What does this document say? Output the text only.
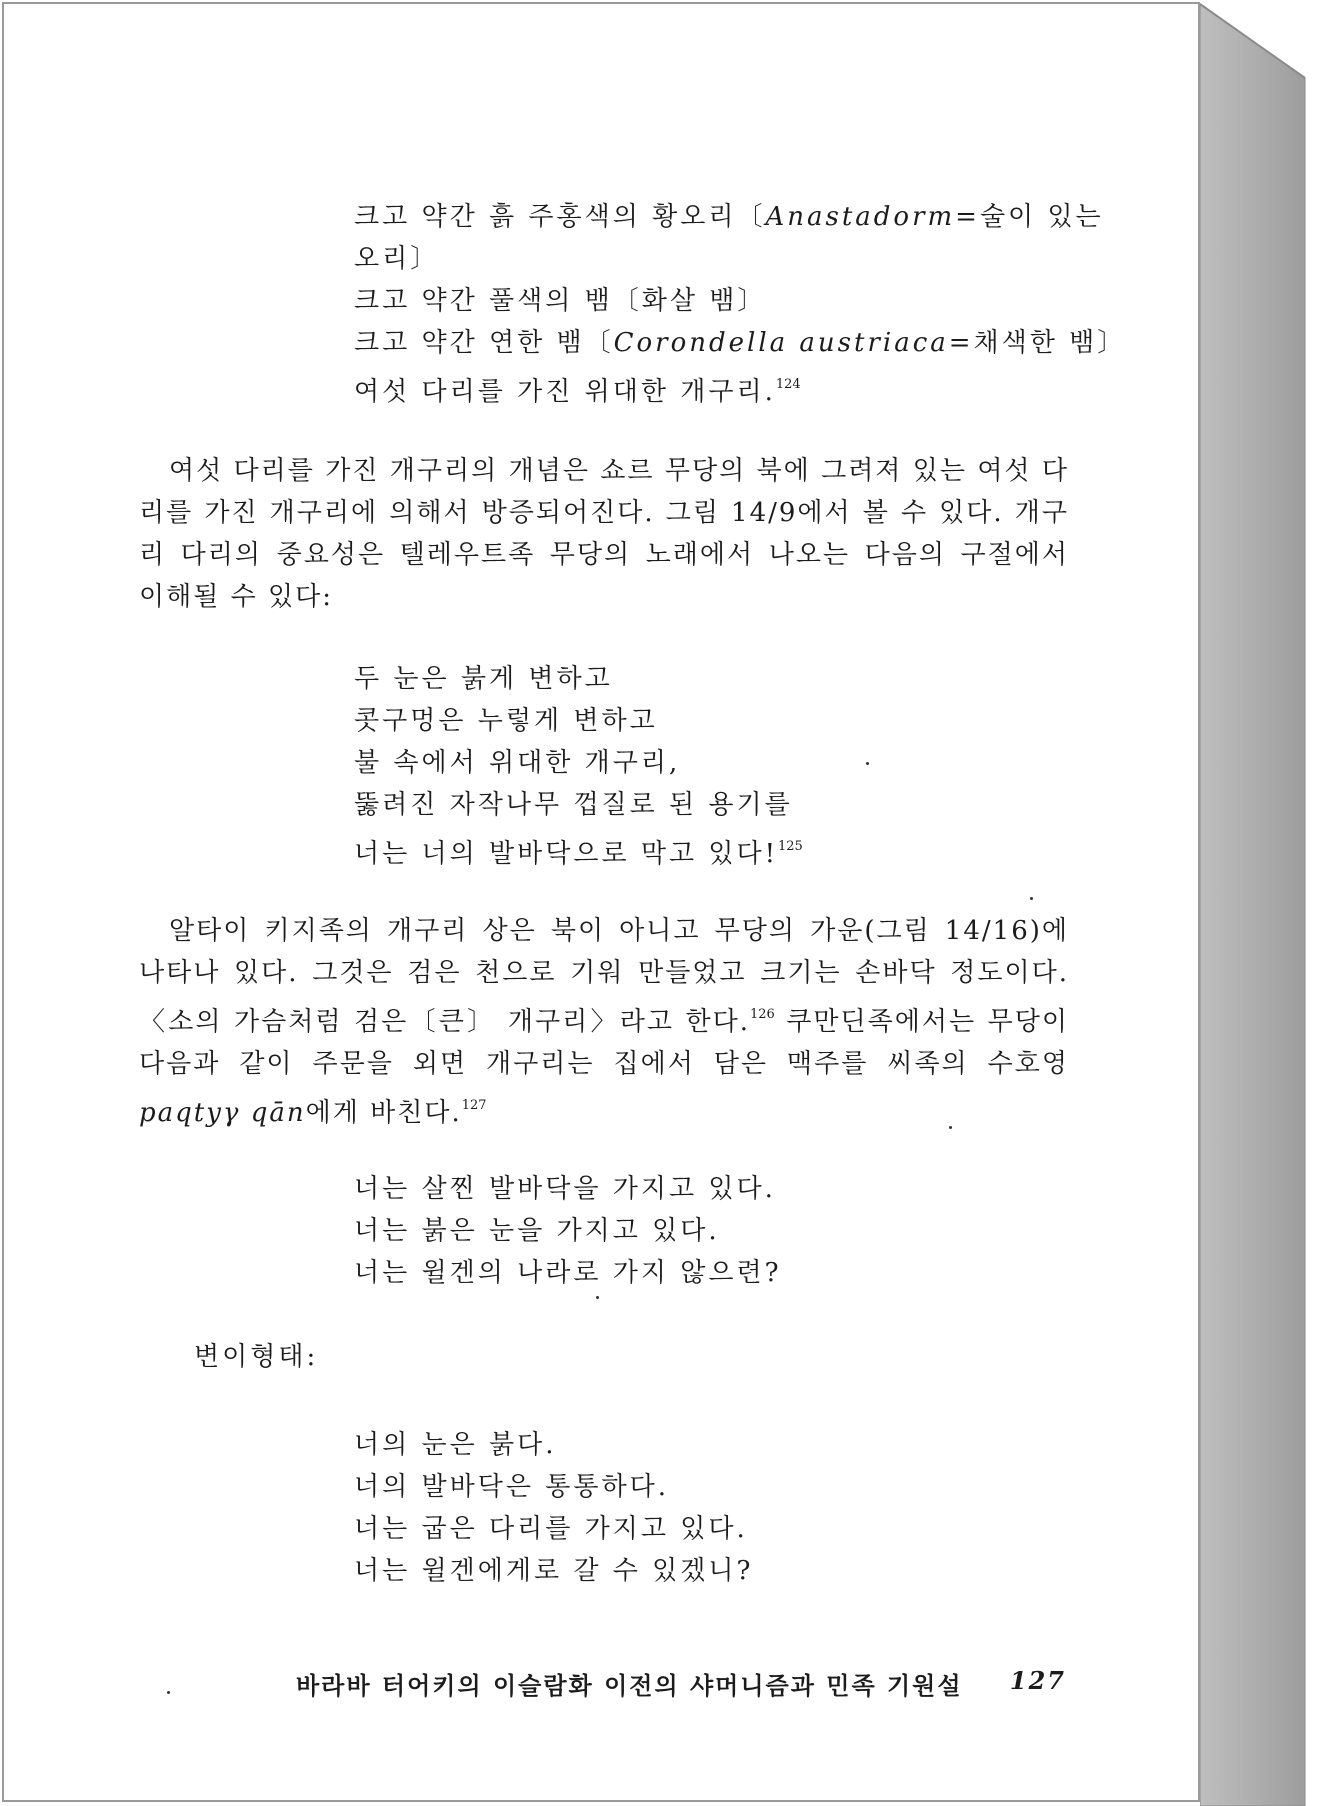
크고 약간 흙 주홍색의 황오리〔Anastadorm=술이 있는
오리〕
크고 약간 풀색의 뱀〔화살 뱀〕
크고 약간 연한 뱀〔Corondella austriaca=채색한 뱀〕
여섯 다리를 가진 위대한 개구리.$^{124}$
여섯 다리를 가진 개구리의 개념은 쇼르 무당의 북에 그려져 있는 여섯 다리를 가진 개구리에 의해서 방증되어진다. 그림 14/9에서 볼 수 있다. 개구리 다리의 중요성은 텔레우트족 무당의 노래에서 나오는 다음의 구절에서 이해될 수 있다:
두 눈은 붉게 변하고
콧구멍은 누렇게 변하고
불 속에서 위대한 개구리,
뚫려진 자작나무 껍질로 된 용기를
너는 너의 발바닥으로 막고 있다!$^{125}$
알타이 키지족의 개구리 상은 북이 아니고 무당의 가운(그림 14/16)에 나타나 있다. 그것은 검은 천으로 기워 만들었고 크기는 손바닥 정도이다. 〈소의 가슴처럼 검은〔큰〕 개구리〉라고 한다.$^{126}$ 쿠만딘족에서는 무당이 다음과 같이 주문을 외면 개구리는 집에서 담은 맥주를 씨족의 수호영 paqtyγ qān에게 바친다.$^{127}$
너는 살찐 발바닥을 가지고 있다.
너는 붉은 눈을 가지고 있다.
너는 윌겐의 나라로 가지 않으련?
변이형태:
너의 눈은 붉다.
너의 발바닥은 통통하다.
너는 굽은 다리를 가지고 있다.
너는 윌겐에게로 갈 수 있겠니?
바라바 터어키의 이슬람화 이전의 샤머니즘과 민족 기원설 127
